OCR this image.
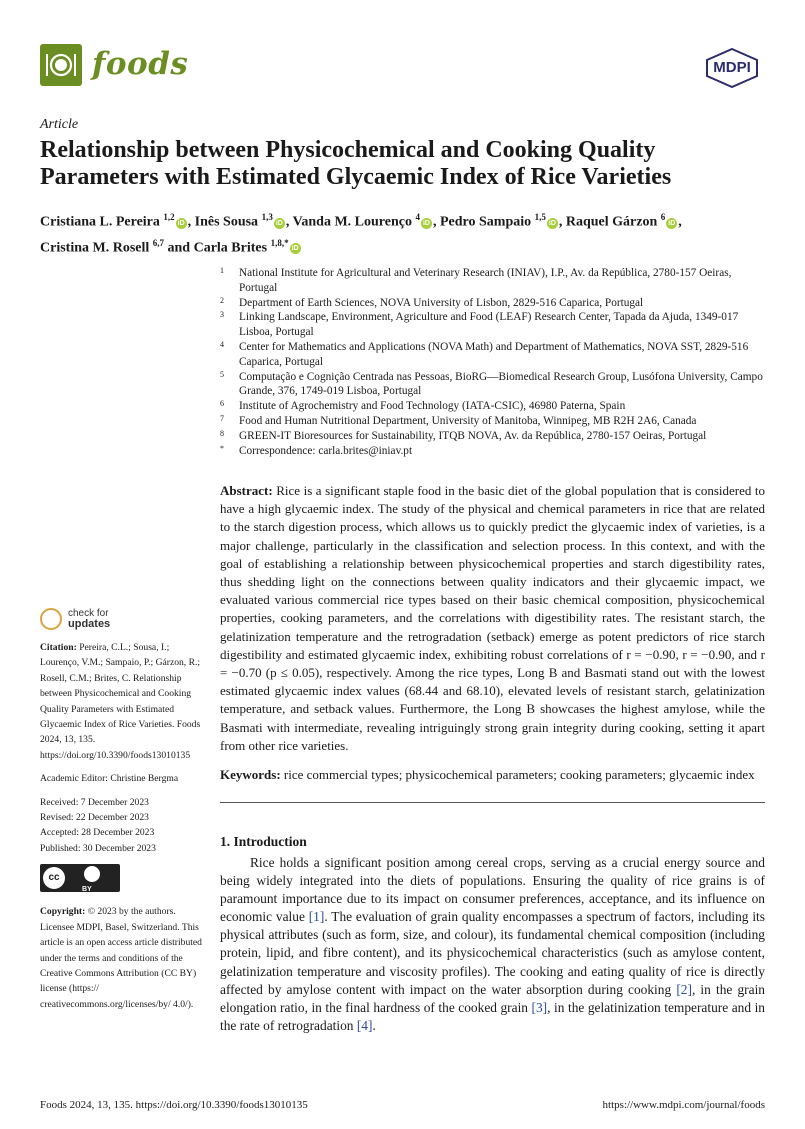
foods	MDPI
Article
Relationship between Physicochemical and Cooking Quality Parameters with Estimated Glycaemic Index of Rice Varieties
Cristiana L. Pereira $^{1,2}$iD , Inês Sousa $^{1,3}$iD , Vanda M. Lourenço $^4$iD , Pedro Sampaio $^{1,5}$iD , Raquel Gárzon $^6$iD ,
Cristina M. Rosell $^{6,7}$ and Carla Brites $^{1,8,*}$iD
1 National Institute for Agricultural and Veterinary Research (INIAV), I.P., Av. da República, 2780-157 Oeiras, Portugal
2 Department of Earth Sciences, NOVA University of Lisbon, 2829-516 Caparica, Portugal
3 Linking Landscape, Environment, Agriculture and Food (LEAF) Research Center, Tapada da Ajuda, 1349-017 Lisboa, Portugal
4 Center for Mathematics and Applications (NOVA Math) and Department of Mathematics, NOVA SST, 2829-516 Caparica, Portugal
5 Computação e Cognição Centrada nas Pessoas, BioRG—Biomedical Research Group, Lusófona University, Campo Grande, 376, 1749-019 Lisboa, Portugal
6 Institute of Agrochemistry and Food Technology (IATA-CSIC), 46980 Paterna, Spain
7 Food and Human Nutritional Department, University of Manitoba, Winnipeg, MB R2H 2A6, Canada
8 GREEN-IT Bioresources for Sustainability, ITQB NOVA, Av. da República, 2780-157 Oeiras, Portugal
* Correspondence: carla.brites@iniav.pt
Abstract: Rice is a significant staple food in the basic diet of the global population that is considered to have a high glycaemic index. The study of the physical and chemical parameters in rice that are related to the starch digestion process, which allows us to quickly predict the glycaemic index of varieties, is a major challenge, particularly in the classification and selection process. In this context, and with the goal of establishing a relationship between physicochemical properties and starch digestibility rates, thus shedding light on the connections between quality indicators and their glycaemic impact, we evaluated various commercial rice types based on their basic chemical composition, physicochemical properties, cooking parameters, and the correlations with digestibility rates. The resistant starch, the gelatinization temperature and the retrogradation (setback) emerge as potent predictors of rice starch digestibility and estimated glycaemic index, exhibiting robust correlations of r = −0.90, r = −0.90, and r = −0.70 (p ≤ 0.05), respectively. Among the rice types, Long B and Basmati stand out with the lowest estimated glycaemic index values (68.44 and 68.10), elevated levels of resistant starch, gelatinization temperature, and setback values. Furthermore, the Long B showcases the highest amylose, while the Basmati with intermediate, revealing intriguingly strong grain integrity during cooking, setting it apart from other rice varieties.
Keywords: rice commercial types; physicochemical parameters; cooking parameters; glycaemic index
1. Introduction
Rice holds a significant position among cereal crops, serving as a crucial energy source and being widely integrated into the diets of populations. Ensuring the quality of rice grains is of paramount importance due to its impact on consumer preferences, acceptance, and its influence on economic value [1]. The evaluation of grain quality encompasses a spectrum of factors, including its physical attributes (such as form, size, and colour), its fundamental chemical composition (including protein, lipid, and fibre content), and its physicochemical characteristics (such as amylose content, gelatinization temperature and viscosity profiles). The cooking and eating quality of rice is directly affected by amylose content with impact on the water absorption during cooking [2], in the grain elongation ratio, in the final hardness of the cooked grain [3], in the gelatinization temperature and in the rate of retrogradation [4].
check for
updates
Citation: Pereira, C.L.; Sousa, I.; Lourenço, V.M.; Sampaio, P.; Gárzon, R.; Rosell, C.M.; Brites, C. Relationship between Physicochemical and Cooking Quality Parameters with Estimated Glycaemic Index of Rice Varieties. Foods 2024, 13, 135. https://doi.org/10.3390/foods13010135
Academic Editor: Christine Bergma
Received: 7 December 2023
Revised: 22 December 2023
Accepted: 28 December 2023
Published: 30 December 2023
cc
BY
Copyright: © 2023 by the authors. Licensee MDPI, Basel, Switzerland. This article is an open access article distributed under the terms and conditions of the Creative Commons Attribution (CC BY) license (https:// creativecommons.org/licenses/by/ 4.0/).
Foods 2024, 13, 135. https://doi.org/10.3390/foods13010135	https://www.mdpi.com/journal/foods
